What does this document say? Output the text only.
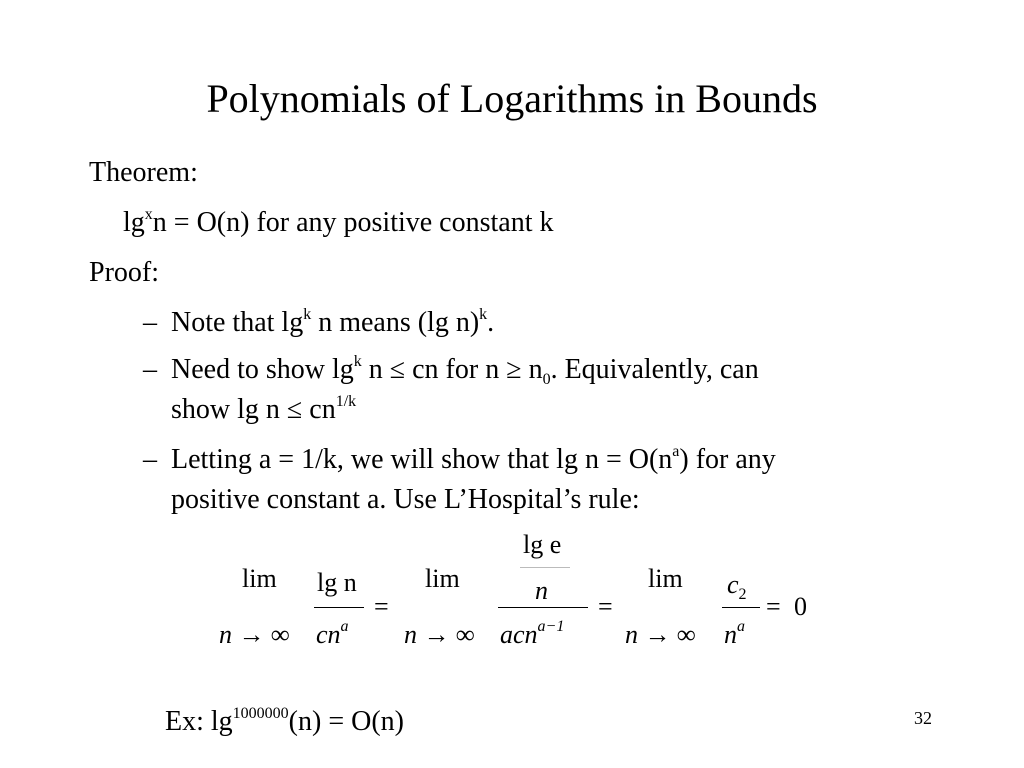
Polynomials of Logarithms in Bounds
Theorem:
$\lg^xn = O(n)$ for any positive constant k
Proof:
– Note that $\lg^k n$ means (lg n)$^k$.
– Need to show $\lg^k n$ ≤ cn for $n \ge n_0$. Equivalently, can
show $\lg n \le cn^{1/k}$
– Letting a = 1/k, we will show that $\lg n = O(n^a)$ for any
positive constant a. Use L’Hospital’s rule:
lim
n → ∞
lg n
$cn^a$
=
lim
n → ∞
lg e
n
acn$^{a-1}$
=
lim
n → ∞
$c_2$
$n^a$
= 0
Ex: $\lg^{1000000}(n) = O(n)$	32
